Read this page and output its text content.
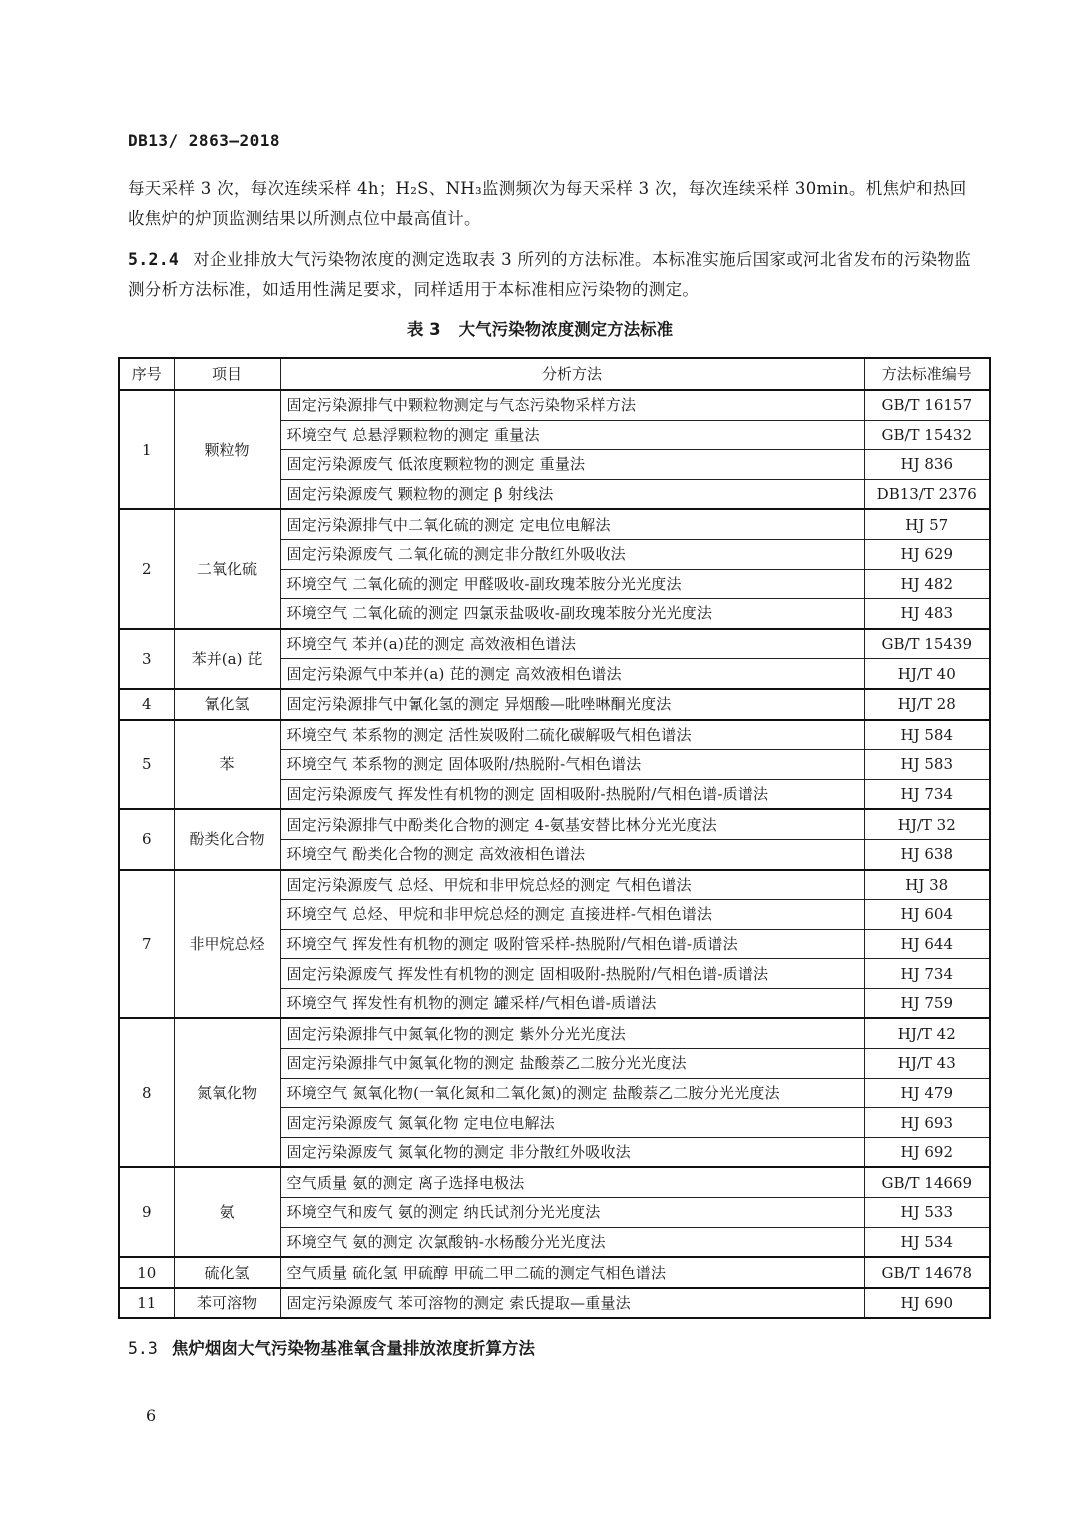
DB13/ 2863—2018
每天采样 3 次，每次连续采样 4h；H₂S、NH₃监测频次为每天采样 3 次，每次连续采样 30min。机焦炉和热回收焦炉的炉顶监测结果以所测点位中最高值计。
5.2.4 对企业排放大气污染物浓度的测定选取表 3 所列的方法标准。本标准实施后国家或河北省发布的污染物监测分析方法标准，如适用性满足要求，同样适用于本标准相应污染物的测定。
表 3 大气污染物浓度测定方法标准
序号	项目	分析方法	方法标准编号
1	颗粒物	固定污染源排气中颗粒物测定与气态污染物采样方法	GB/T 16157
		环境空气 总悬浮颗粒物的测定 重量法	GB/T 15432
		固定污染源废气 低浓度颗粒物的测定 重量法	HJ 836
		固定污染源废气 颗粒物的测定 β 射线法	DB13/T 2376
2	二氧化硫	固定污染源排气中二氧化硫的测定 定电位电解法	HJ 57
		固定污染源废气 二氧化硫的测定非分散红外吸收法	HJ 629
		环境空气 二氧化硫的测定 甲醛吸收-副玫瑰苯胺分光光度法	HJ 482
		环境空气 二氧化硫的测定 四氯汞盐吸收-副玫瑰苯胺分光光度法	HJ 483
3	苯并(a) 芘	环境空气 苯并(a)芘的测定 高效液相色谱法	GB/T 15439
		固定污染源气中苯并(a) 芘的测定 高效液相色谱法	HJ/T 40
4	氰化氢	固定污染源排气中氰化氢的测定 异烟酸—吡唑啉酮光度法	HJ/T 28
5	苯	环境空气 苯系物的测定 活性炭吸附二硫化碳解吸气相色谱法	HJ 584
		环境空气 苯系物的测定 固体吸附/热脱附-气相色谱法	HJ 583
		固定污染源废气 挥发性有机物的测定 固相吸附-热脱附/气相色谱-质谱法	HJ 734
6	酚类化合物	固定污染源排气中酚类化合物的测定 4-氨基安替比林分光光度法	HJ/T 32
		环境空气 酚类化合物的测定 高效液相色谱法	HJ 638
7	非甲烷总烃	固定污染源废气 总烃、甲烷和非甲烷总烃的测定 气相色谱法	HJ 38
		环境空气 总烃、甲烷和非甲烷总烃的测定 直接进样-气相色谱法	HJ 604
		环境空气 挥发性有机物的测定 吸附管采样-热脱附/气相色谱-质谱法	HJ 644
		固定污染源废气 挥发性有机物的测定 固相吸附-热脱附/气相色谱-质谱法	HJ 734
		环境空气 挥发性有机物的测定 罐采样/气相色谱-质谱法	HJ 759
8	氮氧化物	固定污染源排气中氮氧化物的测定 紫外分光光度法	HJ/T 42
		固定污染源排气中氮氧化物的测定 盐酸萘乙二胺分光光度法	HJ/T 43
		环境空气 氮氧化物(一氧化氮和二氧化氮)的测定 盐酸萘乙二胺分光光度法	HJ 479
		固定污染源废气 氮氧化物 定电位电解法	HJ 693
		固定污染源废气 氮氧化物的测定 非分散红外吸收法	HJ 692
9	氨	空气质量 氨的测定 离子选择电极法	GB/T 14669
		环境空气和废气 氨的测定 纳氏试剂分光光度法	HJ 533
		环境空气 氨的测定 次氯酸钠-水杨酸分光光度法	HJ 534
10	硫化氢	空气质量 硫化氢 甲硫醇 甲硫二甲二硫的测定气相色谱法	GB/T 14678
11	苯可溶物	固定污染源废气 苯可溶物的测定 索氏提取—重量法	HJ 690
5.3 焦炉烟囱大气污染物基准氧含量排放浓度折算方法
6
